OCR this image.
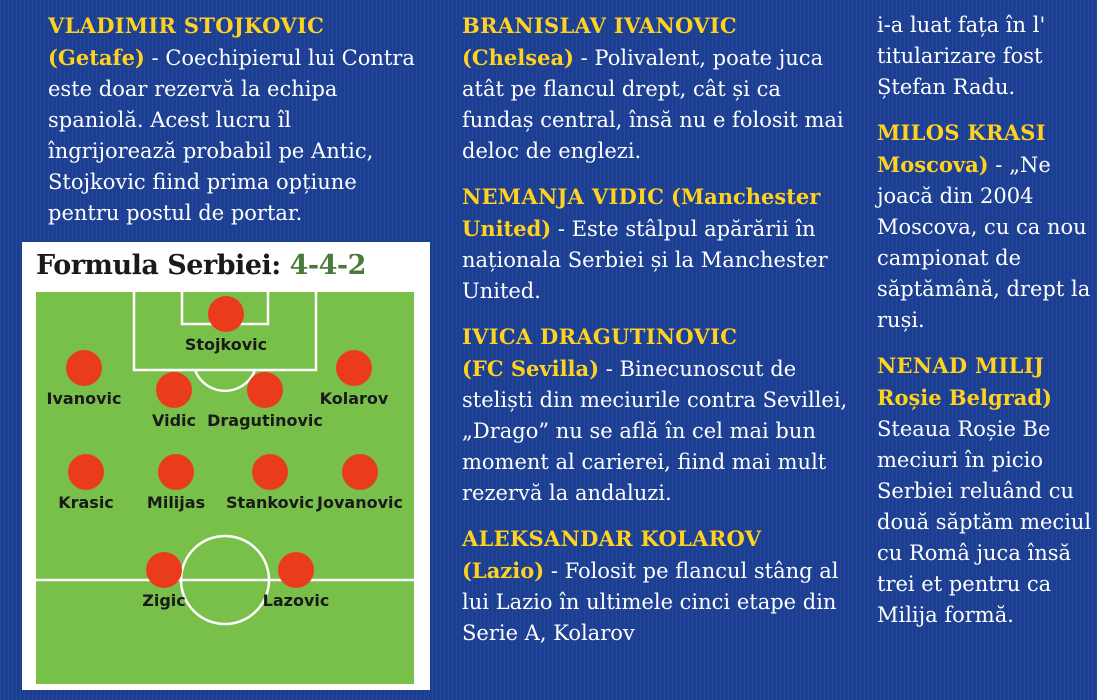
VLADIMIR STOJKOVIC
(Getafe) - Coechipierul lui Contra este doar rezervă la echipa spaniolă. Acest lucru îl îngrijorează probabil pe Antic, Stojkovic fiind prima opțiune pentru postul de portar.

Formula Serbiei: 4-4-2
Stojkovic
Ivanovic
Vidic Dragutinovic
Kolarov
Krasic	Milijas	Stankovic Jovanovic
Zigic	Lazovic

BRANISLAV IVANOVIC
(Chelsea) - Polivalent, poate juca atât pe flancul drept, cât și ca fundaș central, însă nu e folosit mai deloc de englezi.

NEMANJA VIDIC (Manchester United) - Este stâlpul apărării în naționala Serbiei și la Manchester United.

IVICA DRAGUTINOVIC
(FC Sevilla) - Binecunoscut de steliști din meciurile contra Sevillei, „Drago” nu se află în cel mai bun moment al carierei, fiind mai mult rezervă la andaluzi.

ALEKSANDAR KOLAROV
(Lazio) - Folosit pe flancul stâng al lui Lazio în ultimele cinci etape din Serie A, Kolarov

i-a luat fața în l' titularizare fost Ștefan Radu.

MILOS KRASI
Moscova) - „Ne joacă din 2004 Moscova, cu ca nou campionat de săptămână, drept la ruși.

NENAD MILIJ
Roșie Belgrad) Steaua Roșie Be meciuri în picio Serbiei reluând cu două săptăm meciul cu Româ juca însă trei et pentru ca Milija formă.
